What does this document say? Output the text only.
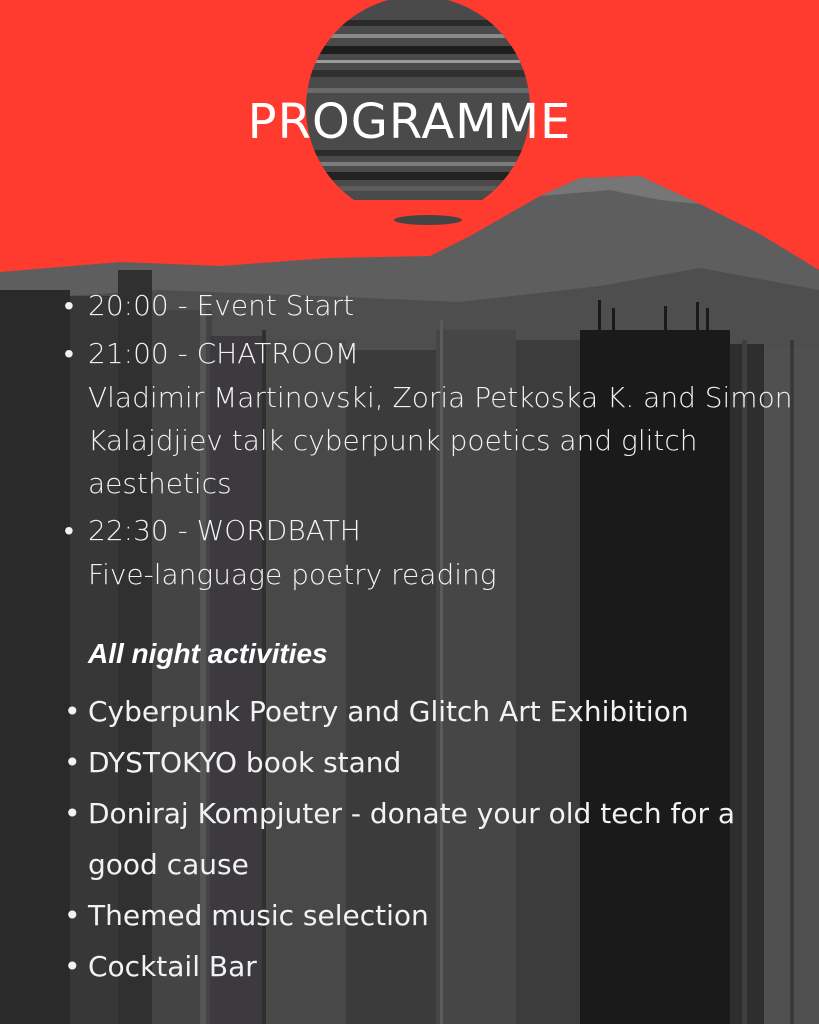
PROGRAMME
• 20:00 - Event Start
• 21:00 - CHATROOM
Vladimir Martinovski, Zoria Petkoska K. and Simon Kalajdjiev talk cyberpunk poetics and glitch aesthetics
• 22:30 - WORDBATH
Five-language poetry reading
All night activities
• Cyberpunk Poetry and Glitch Art Exhibition
• DYSTOKYO book stand
• Doniraj Kompjuter - donate your old tech for a good cause
• Themed music selection
• Cocktail Bar
